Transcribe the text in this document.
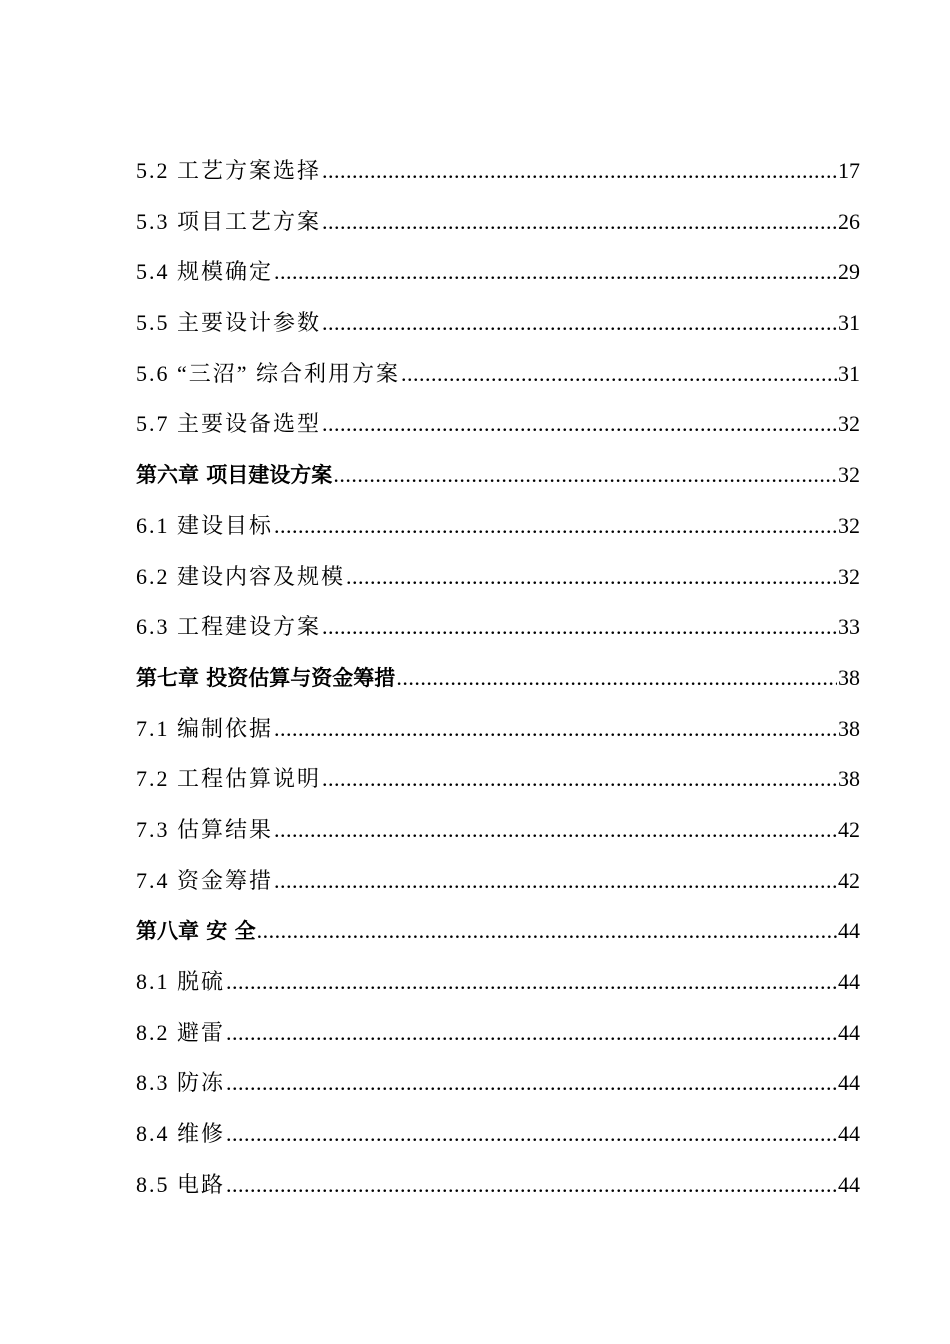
5.2 工艺方案选择 .....	17
5.3 项目工艺方案 .....	26
5.4 规模确定 .....	29
5.5 主要设计参数 .....	31
5.6 “三沼” 综合利用方案 .....	31
5.7 主要设备选型 .....	32
第六章 项目建设方案 .....	32
6.1 建设目标 .....	32
6.2 建设内容及规模 .....	32
6.3 工程建设方案 .....	33
第七章 投资估算与资金筹措 .....	38
7.1 编制依据 .....	38
7.2 工程估算说明 .....	38
7.3 估算结果 .....	42
7.4 资金筹措 .....	42
第八章 安 全 .....	44
8.1 脱硫 .....	44
8.2 避雷 .....	44
8.3 防冻 .....	44
8.4 维修 .....	44
8.5 电路 .....	44
